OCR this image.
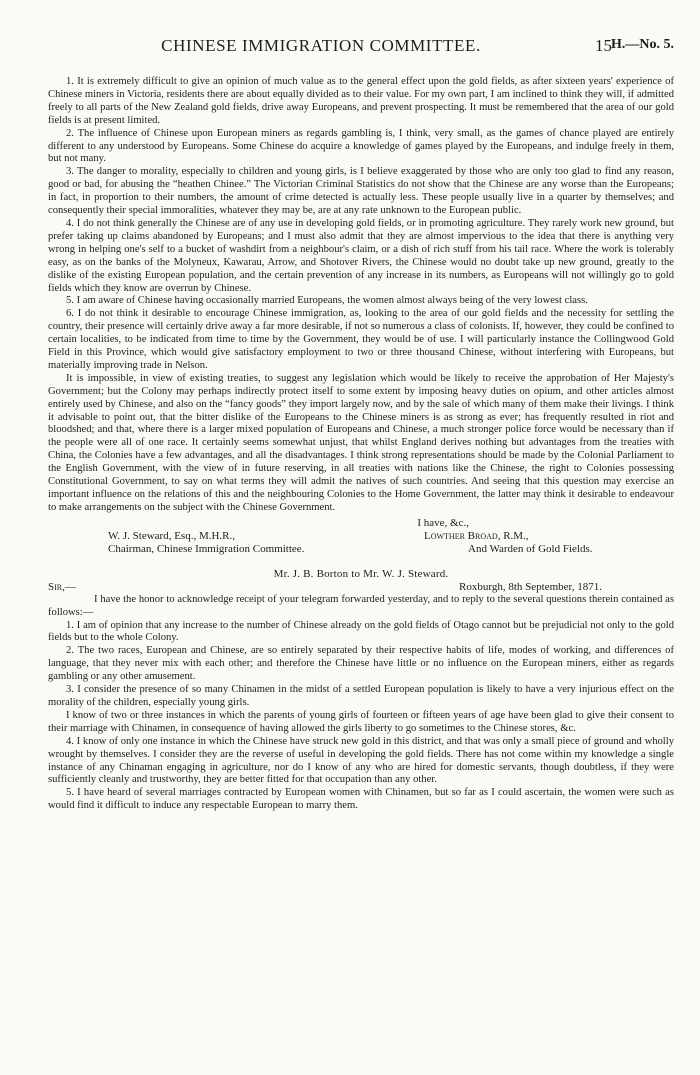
CHINESE IMMIGRATION COMMITTEE.	15 H.—No. 5.

1. It is extremely difficult to give an opinion of much value as to the general effect upon the gold fields, as after sixteen years' experience of Chinese miners in Victoria, residents there are about equally divided as to their value. For my own part, I am inclined to think they will, if admitted freely to all parts of the New Zealand gold fields, drive away Europeans, and prevent prospecting. It must be remembered that the area of our gold fields is at present limited.

2. The influence of Chinese upon European miners as regards gambling is, I think, very small, as the games of chance played are entirely different to any understood by Europeans. Some Chinese do acquire a knowledge of games played by the Europeans, and indulge freely in them, but not many.

3. The danger to morality, especially to children and young girls, is I believe exaggerated by those who are only too glad to find any reason, good or bad, for abusing the “heathen Chinee.” The Victorian Criminal Statistics do not show that the Chinese are any worse than the Europeans; in fact, in proportion to their numbers, the amount of crime detected is actually less. These people usually live in a quarter by themselves; and consequently their special immoralities, whatever they may be, are at any rate unknown to the European public.

4. I do not think generally the Chinese are of any use in developing gold fields, or in promoting agriculture. They rarely work new ground, but prefer taking up claims abandoned by Europeans; and I must also admit that they are almost impervious to the idea that there is anything very wrong in helping one's self to a bucket of washdirt from a neighbour's claim, or a dish of rich stuff from his tail race. Where the work is tolerably easy, as on the banks of the Molyneux, Kawarau, Arrow, and Shotover Rivers, the Chinese would no doubt take up new ground, greatly to the dislike of the existing European population, and the certain prevention of any increase in its numbers, as Europeans will not willingly go to gold fields which they know are overrun by Chinese.

5. I am aware of Chinese having occasionally married Europeans, the women almost always being of the very lowest class.

6. I do not think it desirable to encourage Chinese immigration, as, looking to the area of our gold fields and the necessity for settling the country, their presence will certainly drive away a far more desirable, if not so numerous a class of colonists. If, however, they could be confined to certain localities, to be indicated from time to time by the Government, they would be of use. I will particularly instance the Collingwood Gold Field in this Province, which would give satisfactory employment to two or three thousand Chinese, without interfering with Europeans, but materially improving trade in Nelson.

It is impossible, in view of existing treaties, to suggest any legislation which would be likely to receive the approbation of Her Majesty's Government; but the Colony may perhaps indirectly protect itself to some extent by imposing heavy duties on opium, and other articles almost entirely used by Chinese, and also on the “fancy goods” they import largely now, and by the sale of which many of them make their livings. I think it advisable to point out, that the bitter dislike of the Europeans to the Chinese miners is as strong as ever; has frequently resulted in riot and bloodshed; and that, where there is a larger mixed population of Europeans and Chinese, a much stronger police force would be necessary than if the people were all of one race. It certainly seems somewhat unjust, that whilst England derives nothing but advantages from the treaties with China, the Colonies have a few advantages, and all the disadvantages. I think strong representations should be made by the Colonial Parliament to the English Government, with the view of in future reserving, in all treaties with nations like the Chinese, the right to Colonies possessing Constitutional Government, to say on what terms they will admit the natives of such countries. And seeing that this question may exercise an important influence on the relations of this and the neighbouring Colonies to the Home Government, the latter may think it desirable to endeavour to make arrangements on the subject with the Chinese Government.

I have, &c.,
W. J. Steward, Esq., M.H.R.,
Chairman, Chinese Immigration Committee.
Lowther Broad, R.M.,
And Warden of Gold Fields.
Mr. J. B. Borton to Mr. W. J. Steward.
Sir,—	Roxburgh, 8th September, 1871.

I have the honor to acknowledge receipt of your telegram forwarded yesterday, and to reply to the several questions therein contained as follows:—

1. I am of opinion that any increase to the number of Chinese already on the gold fields of Otago cannot but be prejudicial not only to the gold fields but to the whole Colony.

2. The two races, European and Chinese, are so entirely separated by their respective habits of life, modes of working, and differences of language, that they never mix with each other; and therefore the Chinese have little or no influence on the European miners, either as regards gambling or any other amusement.

3. I consider the presence of so many Chinamen in the midst of a settled European population is likely to have a very injurious effect on the morality of the children, especially young girls.

I know of two or three instances in which the parents of young girls of fourteen or fifteen years of age have been glad to give their consent to their marriage with Chinamen, in consequence of having allowed the girls liberty to go sometimes to the Chinese stores, &c.

4. I know of only one instance in which the Chinese have struck new gold in this district, and that was only a small piece of ground and wholly wrought by themselves. I consider they are the reverse of useful in developing the gold fields. There has not come within my knowledge a single instance of any Chinaman engaging in agriculture, nor do I know of any who are hired for domestic servants, though doubtless, if they were sufficiently cleanly and trustworthy, they are better fitted for that occupation than any other.

5. I have heard of several marriages contracted by European women with Chinamen, but so far as I could ascertain, the women were such as would find it difficult to induce any respectable European to marry them.
